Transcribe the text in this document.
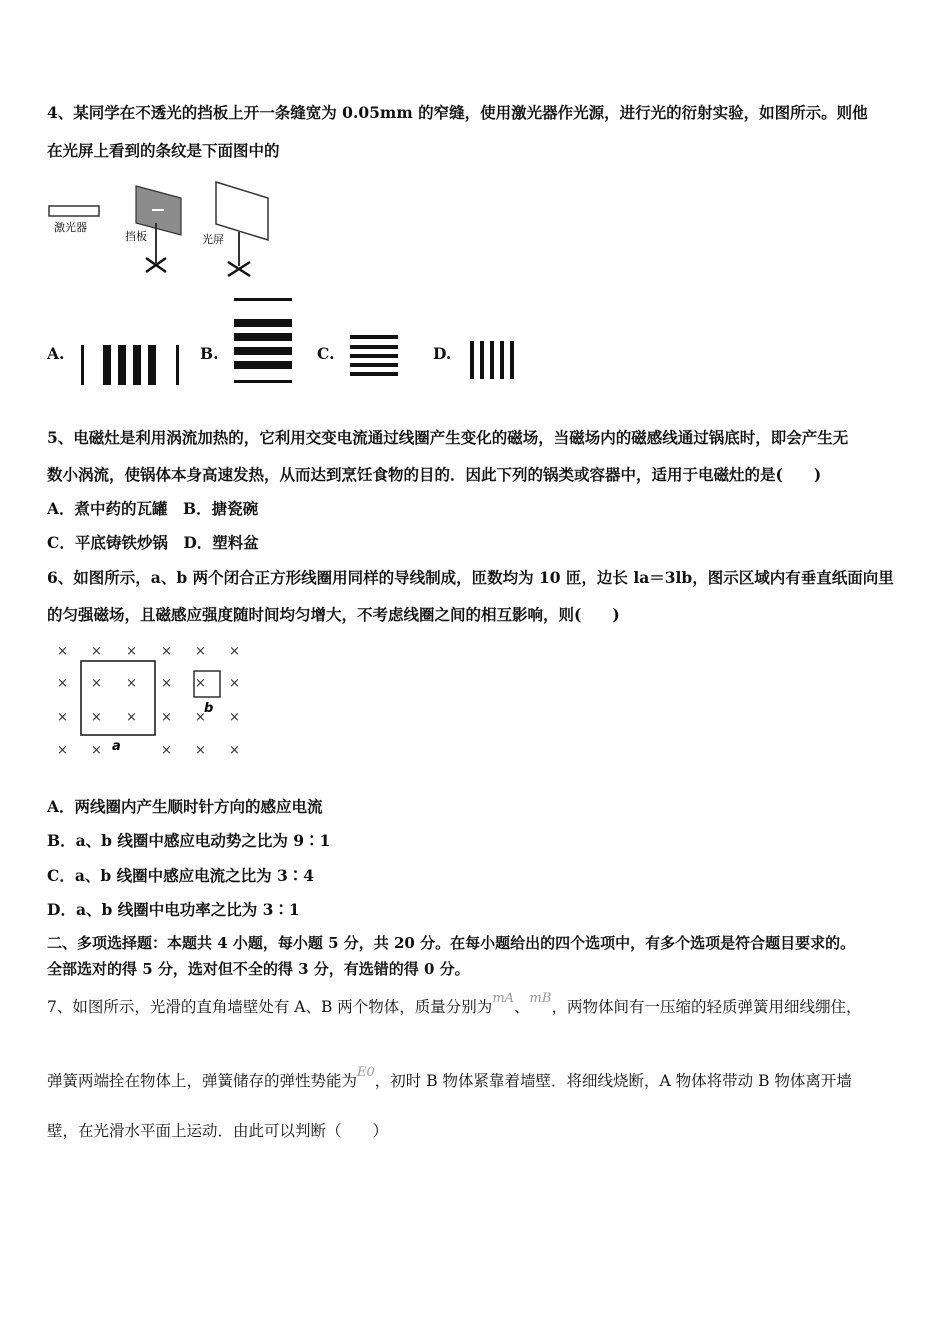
4、某同学在不透光的挡板上开一条缝宽为 0.05mm 的窄缝，使用激光器作光源，进行光的衍射实验，如图所示。则他
在光屏上看到的条纹是下面图中的
激光器
挡板	光屏
A.	B.	C.	D.
5、电磁灶是利用涡流加热的，它利用交变电流通过线圈产生变化的磁场，当磁场内的磁感线通过锅底时，即会产生无
数小涡流，使锅体本身高速发热，从而达到烹饪食物的目的．因此下列的锅类或容器中，适用于电磁灶的是(　　)
A．煮中药的瓦罐　B．搪瓷碗
C．平底铸铁炒锅　D．塑料盆
6、如图所示，a、b 两个闭合正方形线圈用同样的导线制成，匝数均为 10 匝，边长 la＝3lb，图示区域内有垂直纸面向里
的匀强磁场，且磁感应强度随时间均匀增大，不考虑线圈之间的相互影响，则(　　)
× × × × × ×
× × × × × ×
× × × × × ×
× ×	× × ×
a
b
A．两线圈内产生顺时针方向的感应电流
B．a、b 线圈中感应电动势之比为 9∶1
C．a、b 线圈中感应电流之比为 3∶4
D．a、b 线圈中电功率之比为 3∶1
二、多项选择题：本题共 4 小题，每小题 5 分，共 20 分。在每小题给出的四个选项中，有多个选项是符合题目要求的。
全部选对的得 5 分，选对但不全的得 3 分，有选错的得 0 分。
7、如图所示，光滑的直角墙壁处有 A、B 两个物体，质量分别为$^{mA}$、$^{mB}$，两物体间有一压缩的轻质弹簧用细线绷住，
弹簧两端拴在物体上，弹簧储存的弹性势能为$^{E0}$，初时 B 物体紧靠着墙壁．将细线烧断，A 物体将带动 B 物体离开墙
壁，在光滑水平面上运动．由此可以判断（　　）
